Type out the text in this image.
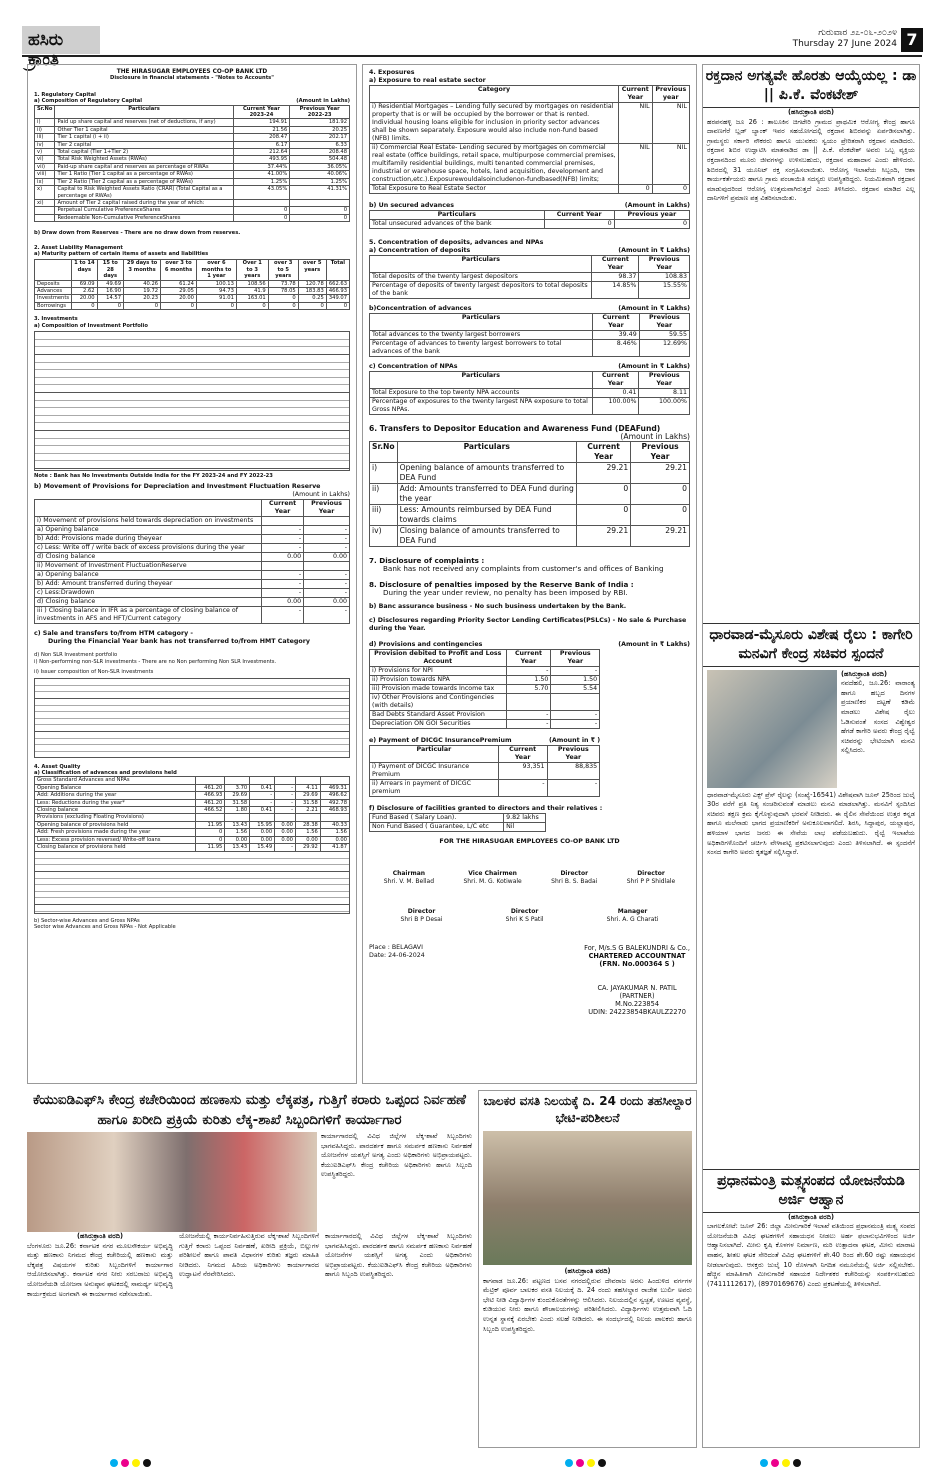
ಹಸಿರು ಕ್ರಾಂತಿ
ಗುರುವಾರ ೨೭-೦೬-೨೦೨೪
Thursday 27 June 2024 7
THE HIRASUGAR EMPLOYEES CO-OP BANK LTD
Disclosure in financial statements - "Notes to Accounts"
1. Regulatory Capital
a) Composition of Regulatory Capital	(Amount in Lakhs)
Sr.No	Particulars	Current Year 2023-24	Previous Year 2022-23
i)	Paid up share capital and reserves (net of deductions, if any)	194.91	181.92
ii)	Other Tier 1 capital	21.56	20.25
iii)	Tier 1 capital (i + ii)	208.47	202.17
iv)	Tier 2 capital	6.17	6.33
v)	Total capital (Tier 1+Tier 2)	212.64	208.48
vi)	Total Risk Weighted Assets (RWAs)	493.95	504.48
vii)	Paid-up share capital and reserves as percentage of RWAs	37.44%	36.05%
viii)	Tier 1 Ratio (Tier 1 capital as a percentage of RWAs)	41.00%	40.06%
ix)	Tier 2 Ratio (Tier 2 capital as a percentage of RWAs)	1.25%	1.25%
x)	Capital to Risk Weighted Assets Ratio (CRAR) (Total Capital as a percentage of RWAs)	43.05%	41.31%
xi)	Amount of Tier 2 capital raised during the year of which:		
	Perpetual Cumulative PreferenceShares	0	0
	Redeemable Non-Cumulative PreferenceShares	0	0
b) Draw down from Reserves - There are no draw down from reserves.
2. Asset Liability Management
a) Maturity pattern of certain items of assets and liabilities
	1 to 14 days	15 to 28 days	29 days to 3 months	over 3 to 6 months	over 6 months to 1 year	Over 1 to 3 years	over 3 to 5 years	over 5 years	Total
Deposits	69.09	49.69	40.26	61.24	100.13	108.56	73.78	120.78	662.63
Advances	2.62	16.90	19.72	29.05	94.73	41.9	78.05	183.83	466.93
Investments	20.00	14.57	20.23	20.00	91.01	163.01	0	0.25	349.07
Borrowings	0	0	0	0	0	0	0	0	0
3. Investments
a) Composition of Investment Portfolio
Note : Bank has No Investments Outside India for the FY 2023-24 and FY 2022-23
b) Movement of Provisions for Depreciation and Investment Fluctuation Reserve
(Amount in Lakhs)
	Current Year	Previous Year
i) Movement of provisions held towards depreciation on investments		
a) Opening balance	-	-
b) Add: Provisions made during theyear	-	-
c) Less: Write off / write back of excess provisions during the year	-	-
d) Closing balance	0.00	0.00
ii) Movement of Investment FluctuationReserve		
a) Opening balance	-	-
b) Add: Amount transferred during theyear	-	-
c) Less:Drawdown	-	-
d) Closing balance	0.00	0.00
iii ) Closing balance in IFR as a percentage of closing balance of investments in AFS and HFT/Current category	-	-
c) Sale and transfers to/from HTM category -
During the Financial Year bank has not transferred to/from HMT Category
d) Non SLR Investment portfolio
i) Non-performing non-SLR investments - There are no Non performing Non SLR Investments.
ii) Issuer composition of Non-SLR investments
4. Asset Quality
a) Classification of advances and provisions held
Gross Standard Advances and NPAs						
Opening Balance	461.20	3.70	0.41	-	4.11	469.31
Add: Additions during the year	466.93	29.69	-	-	29.69	496.62
Less: Reductions during the year*	461.20	31.58	-	-	31.58	492.78
Closing balance	466.52	1.80	0.41	-	2.21	468.93
Provisions (excluding Floating Provisions)						
Opening balance of provisions held	11.95	13.43	15.95	0.00	28.38	40.33
Add: Fresh provisions made during the year	0	1.56	0.00	0.00	1.56	1.56
Less: Excess provision reversed/ Write-off loans	0	0.00	0.00	0.00	0.00	0.00
Closing balance of provisions held	11.95	13.43	15.49	-	29.92	41.87
b) Sector-wise Advances and Gross NPAs
Sector wise Advances and Gross NPAs - Not Applicable
4. Exposures
a) Exposure to real estate sector
Category	Current Year	Previous year
i) Residential Mortgages – Lending fully secured by mortgages on residential property that is or will be occupied by the borrower or that is rented. Individual housing loans eligible for inclusion in priority sector advances shall be shown separately. Exposure would also include non-fund based (NFB) limits.	NIL	NIL
ii) Commercial Real Estate- Lending secured by mortgages on commercial real estate (office buildings, retail space, multipurpose commercial premises, multifamily residential buildings, multi tenanted commercial premises, industrial or warehouse space, hotels, land acquisition, development and construction,etc.).Exposurewouldalsoincludenon-fundbased(NFB) limits;	NIL	NIL
Total Exposure to Real Estate Sector	0	0
b) Un secured advances	(Amount in Lakhs)
Particulars	Current Year	Previous year
Total unsecured advances of the bank	0	0
5. Concentration of deposits, advances and NPAs
a) Concentration of deposits	(Amount in ₹ Lakhs)
Particulars	Current Year	Previous Year
Total deposits of the twenty largest depositors	98.37	108.83
Percentage of deposits of twenty largest depositors to total deposits of the bank	14.85%	15.55%
b)Concentration of advances	(Amount in ₹ Lakhs)
Particulars	Current Year	Previous Year
Total advances to the twenty largest borrowers	39.49	59.55
Percentage of advances to twenty largest borrowers to total advances of the bank	8.46%	12.69%
c) Concentration of NPAs	(Amount in ₹ Lakhs)
Particulars	Current Year	Previous Year
Total Exposure to the top twenty NPA accounts	0.41	8.11
Percentage of exposures to the twenty largest NPA exposure to total Gross NPAs.	100.00%	100.00%
6. Transfers to Depositor Education and Awareness Fund (DEAFund)
(Amount in Lakhs)
Sr.No	Particulars	Current Year	Previous Year
i)	Opening balance of amounts transferred to DEA Fund	29.21	29.21
ii)	Add: Amounts transferred to DEA Fund during the year	0	0
iii)	Less: Amounts reimbursed by DEA Fund towards claims	0	0
iv)	Closing balance of amounts transferred to DEA Fund	29.21	29.21
7. Disclosure of complaints :
Bank has not received any complaints from customer's and offices of Banking
8. Disclosure of penalties imposed by the Reserve Bank of India :
During the year under review, no penalty has been imposed by RBI.
b) Banc assurance business - No such business undertaken by the Bank.
c) Disclosures regarding Priority Sector Lending Certificates(PSLCs) - No sale & Purchase during the Year.
d) Provisions and contingencies	(Amount in ₹ Lakhs)
Provision debited to Profit and Loss Account	Current Year	Previous Year
i) Provisions for NPI	-	-
ii) Provision towards NPA	1.50	1.50
iii) Provision made towards Income tax	5.70	5.54
iv) Other Provisions and Contingencies (with details)		
Bad Debts Standard Asset Provision	-	-
Depreciation ON GOI Securities	-	-
e) Payment of DICGC InsurancePremium	(Amount in ₹ )
Particular	Current Year	Previous Year
i) Payment of DICGC Insurance Premium	93,351	88,835
ii) Arrears in payment of DICGC premium	-	-
f) Disclosure of facilities granted to directors and their relatives :
Fund Based ( Salary Loan).	9.82 lakhs
Non Fund Based ( Guarantee, L/C etc	Nil
FOR THE HIRASUGAR EMPLOYEES CO-OP BANK LTD
Chairman
Shri. V. M. Bellad
Vice Chairmen
Shri. M. G. Kotiwale
Director
Shri B. S. Badai
Director
Shri P P Shidlale
Director
Shri B P Desai
Director
Shri K S Patil
Manager
Shri. A. G Charati
Place : BELAGAVI
Date: 24-06-2024
For, M/s.S G BALEKUNDRI & Co.,
CHARTERED ACCOUNTNAT
(FRN. No.000364 S )
CA. JAYAKUMAR N. PATIL
(PARTNER)
M.No.223854
UDIN: 24223854BKAULZ2270
ರಕ್ತದಾನ ಅಗತ್ಯವೇ ಹೊರತು ಆಯ್ಕೆಯಲ್ಲ : ಡಾ || ಪಿ.ಕೆ. ವೆಂಕಟೇಶ್
(ಹಸಿರುಕ್ರಾಂತಿ ವರದಿ)
ಹರಪನಹಳ್ಳಿ ಜೂ 26 : ತಾಲೂಕಿನ ಚಿಗಟೇರಿ ಗ್ರಾಮದ ಪ್ರಾಥಮಿಕ ಆರೋಗ್ಯ ಕೇಂದ್ರ ಹಾಗೂ ದಾವಣಗೆರೆ ಬ್ಲಡ್ ಬ್ಯಾಂಕ್ ಇವರ ಸಹಯೋಗದಲ್ಲಿ ರಕ್ತದಾನ ಶಿಬಿರವನ್ನು ಏರ್ಪಡಿಸಲಾಗಿತ್ತು. ಗ್ರಾಮಸ್ಥರು ಸರ್ಕಾರಿ ನೌಕರರು ಹಾಗೂ ಯುವಕರು ಸ್ವಯಂ ಪ್ರೇರಿತರಾಗಿ ರಕ್ತದಾನ ಮಾಡಿದರು. ರಕ್ತದಾನ ಶಿಬಿರ ಉದ್ಘಾಟಿಸಿ ಮಾತನಾಡಿದ ಡಾ || ಪಿ.ಕೆ. ವೆಂಕಟೇಶ್ ಅವರು ಒಬ್ಬ ವ್ಯಕ್ತಿಯ ರಕ್ತದಾನದಿಂದ ಮೂರು ಜೀವಗಳನ್ನು ಉಳಿಸಬಹುದು, ರಕ್ತದಾನ ಮಹಾದಾನ ಎಂದು ಹೇಳಿದರು. ಶಿಬಿರದಲ್ಲಿ 31 ಯೂನಿಟ್ ರಕ್ತ ಸಂಗ್ರಹಿಸಲಾಯಿತು. ಆರೋಗ್ಯ ಇಲಾಖೆಯ ಸಿಬ್ಬಂದಿ, ಆಶಾ ಕಾರ್ಯಕರ್ತೆಯರು ಹಾಗೂ ಗ್ರಾಮ ಪಂಚಾಯಿತಿ ಸದಸ್ಯರು ಉಪಸ್ಥಿತರಿದ್ದರು. ನಿಯಮಿತವಾಗಿ ರಕ್ತದಾನ ಮಾಡುವುದರಿಂದ ಆರೋಗ್ಯ ಉತ್ತಮವಾಗಿರುತ್ತದೆ ಎಂದು ತಿಳಿಸಿದರು. ರಕ್ತದಾನ ಮಾಡಿದ ಎಲ್ಲ ದಾನಿಗಳಿಗೆ ಪ್ರಮಾಣ ಪತ್ರ ವಿತರಿಸಲಾಯಿತು.
ಧಾರವಾಡ-ಮೈಸೂರು ವಿಶೇಷ ರೈಲು : ಕಾಗೇರಿ ಮನವಿಗೆ ಕೇಂದ್ರ ಸಚಿವರ ಸ್ಪಂದನೆ
(ಹಸಿರುಕ್ರಾಂತಿ ವರದಿ)
ನವದೆಹಲಿ, ಜೂ.26: ವಾರಾಂತ್ಯ ಹಾಗೂ ಹಬ್ಬದ ದಿನಗಳ ಪ್ರಯಾಣಿಕರ ದಟ್ಟಣೆ ಕಡಿಮೆ ಮಾಡಲು ವಿಶೇಷ ರೈಲು ಓಡಿಸುವಂತೆ ಸಂಸದ ವಿಶ್ವೇಶ್ವರ ಹೆಗಡೆ ಕಾಗೇರಿ ಅವರು ಕೇಂದ್ರ ರೈಲ್ವೆ ಸಚಿವರನ್ನು ಭೇಟಿಯಾಗಿ ಮನವಿ ಸಲ್ಲಿಸಿದರು.
ಧಾರವಾಡ-ಮೈಸೂರು ಎಕ್ಸ್ ಪ್ರೆಸ್ ರೈಲನ್ನು (ಸಂಖ್ಯೆ-16541) ವಿಶೇಷವಾಗಿ ಜೂನ್ 25ರಿಂದ ಜುಲೈ 30ರ ವರೆಗೆ ಪ್ರತಿ ನಿತ್ಯ ಸಂಚರಿಸುವಂತೆ ಮಾಡಲು ಮನವಿ ಮಾಡಲಾಗಿತ್ತು. ಮನವಿಗೆ ಸ್ಪಂದಿಸಿದ ಸಚಿವರು ತಕ್ಷಣ ಕ್ರಮ ಕೈಗೊಳ್ಳುವುದಾಗಿ ಭರವಸೆ ನೀಡಿದರು. ಈ ರೈಲಿನ ಸೇವೆಯಿಂದ ಉತ್ತರ ಕನ್ನಡ ಹಾಗೂ ಮಲೆನಾಡು ಭಾಗದ ಪ್ರಯಾಣಿಕರಿಗೆ ಅನುಕೂಲವಾಗಲಿದೆ. ಶಿರಸಿ, ಸಿದ್ದಾಪುರ, ಯಲ್ಲಾಪುರ, ಹಳಿಯಾಳ ಭಾಗದ ಜನರು ಈ ಸೇವೆಯ ಲಾಭ ಪಡೆಯಬಹುದು. ರೈಲ್ವೆ ಇಲಾಖೆಯ ಅಧಿಕಾರಿಗಳೊಂದಿಗೆ ಚರ್ಚಿಸಿ ವೇಳಾಪಟ್ಟಿ ಪ್ರಕಟಿಸಲಾಗುವುದು ಎಂದು ತಿಳಿಸಲಾಗಿದೆ. ಈ ಸ್ಪಂದನೆಗೆ ಸಂಸದ ಕಾಗೇರಿ ಅವರು ಕೃತಜ್ಞತೆ ಸಲ್ಲಿಸಿದ್ದಾರೆ.
ಪ್ರಧಾನಮಂತ್ರಿ ಮತ್ಸ್ಯಸಂಪದ ಯೋಜನೆಯಡಿ ಅರ್ಜಿ ಆಹ್ವಾನ
(ಹಸಿರುಕ್ರಾಂತಿ ವರದಿ)
ಬಾಗಲಕೋಟೆ: ಜೂನ್ 26: ಜಿಲ್ಲಾ ಮೀನುಗಾರಿಕೆ ಇಲಾಖೆ ವತಿಯಿಂದ ಪ್ರಧಾನಮಂತ್ರಿ ಮತ್ಸ್ಯ ಸಂಪದ ಯೋಜನೆಯಡಿ ವಿವಿಧ ಘಟಕಗಳಿಗೆ ಸಹಾಯಧನ ನೀಡಲು ಅರ್ಹ ಫಲಾನುಭವಿಗಳಿಂದ ಅರ್ಜಿ ಆಹ್ವಾನಿಸಲಾಗಿದೆ. ಮೀನು ಕೃಷಿ ಕೊಳಗಳ ನಿರ್ಮಾಣ, ಮರಿ ಉತ್ಪಾದನಾ ಘಟಕ, ಮೀನು ಮಾರಾಟ ವಾಹನ, ಶೀತಲ ಘಟಕ ಸೇರಿದಂತೆ ವಿವಿಧ ಘಟಕಗಳಿಗೆ ಶೇ.40 ರಿಂದ ಶೇ.60 ರಷ್ಟು ಸಹಾಯಧನ ನೀಡಲಾಗುವುದು. ಆಸಕ್ತರು ಜುಲೈ 10 ರೊಳಗಾಗಿ ನಿಗದಿತ ನಮೂನೆಯಲ್ಲಿ ಅರ್ಜಿ ಸಲ್ಲಿಸಬೇಕು. ಹೆಚ್ಚಿನ ಮಾಹಿತಿಗಾಗಿ ಮೀನುಗಾರಿಕೆ ಸಹಾಯಕ ನಿರ್ದೇಶಕರ ಕಚೇರಿಯನ್ನು ಸಂಪರ್ಕಿಸಬಹುದು (7411112617), (8970169676) ಎಂದು ಪ್ರಕಟಣೆಯಲ್ಲಿ ತಿಳಿಸಲಾಗಿದೆ.
ಕೆಯುಐಡಿಎಫ್‌ಸಿ ಕೇಂದ್ರ ಕಚೇರಿಯಿಂದ ಹಣಕಾಸು ಮತ್ತು ಲೆಕ್ಕಪತ್ರ, ಗುತ್ತಿಗೆ ಕರಾರು ಒಪ್ಪಂದ ನಿರ್ವಹಣೆ ಹಾಗೂ ಖರೀದಿ ಪ್ರಕ್ರಿಯೆ ಕುರಿತು ಲೆಕ್ಕ-ಶಾಖೆ ಸಿಬ್ಬಂದಿಗಳಿಗೆ ಕಾರ್ಯಾಗಾರ
ಕಾರ್ಯಾಗಾರದಲ್ಲಿ ವಿವಿಧ ಜಿಲ್ಲೆಗಳ ಲೆಕ್ಕ-ಶಾಖೆ ಸಿಬ್ಬಂದಿಗಳು ಭಾಗವಹಿಸಿದ್ದರು. ಪಾರದರ್ಶಕ ಹಾಗೂ ಸಮರ್ಪಕ ಹಣಕಾಸು ನಿರ್ವಹಣೆ ಯೋಜನೆಗಳ ಯಶಸ್ಸಿಗೆ ಅಗತ್ಯ ಎಂದು ಅಧಿಕಾರಿಗಳು ಅಭಿಪ್ರಾಯಪಟ್ಟರು. ಕೆಯುಐಡಿಎಫ್‌ಸಿ ಕೇಂದ್ರ ಕಚೇರಿಯ ಅಧಿಕಾರಿಗಳು ಹಾಗೂ ಸಿಬ್ಬಂದಿ ಉಪಸ್ಥಿತರಿದ್ದರು.
(ಹಸಿರುಕ್ರಾಂತಿ ವರದಿ)
ಬೆಂಗಳೂರು ಜೂ.26: ಕರ್ನಾಟಕ ನಗರ ಮೂಲಸೌಕರ್ಯ ಅಭಿವೃದ್ಧಿ ಮತ್ತು ಹಣಕಾಸು ನಿಗಮದ ಕೇಂದ್ರ ಕಚೇರಿಯಲ್ಲಿ ಹಣಕಾಸು ಮತ್ತು ಲೆಕ್ಕಪತ್ರ ವಿಷಯಗಳ ಕುರಿತು ಸಿಬ್ಬಂದಿಗಳಿಗೆ ಕಾರ್ಯಾಗಾರ ಆಯೋಜಿಸಲಾಗಿತ್ತು. ಕರ್ನಾಟಕ ನಗರ ನೀರು ಸರಬರಾಜು ಅಭಿವೃದ್ಧಿ ಯೋಜನೆಯಡಿ ಯೋಜನಾ ಅನುಷ್ಠಾನ ಘಟಕದಲ್ಲಿ ಸಾಮರ್ಥ್ಯ ಅಭಿವೃದ್ಧಿ ಕಾರ್ಯಕ್ರಮದ ಅಂಗವಾಗಿ ಈ ಕಾರ್ಯಾಗಾರ ನಡೆಸಲಾಯಿತು.
ಯೋಜನೆಯಲ್ಲಿ ಕಾರ್ಯನಿರ್ವಹಿಸುತ್ತಿರುವ ಲೆಕ್ಕ-ಶಾಖೆ ಸಿಬ್ಬಂದಿಗಳಿಗೆ ಗುತ್ತಿಗೆ ಕರಾರು ಒಪ್ಪಂದ ನಿರ್ವಹಣೆ, ಖರೀದಿ ಪ್ರಕ್ರಿಯೆ, ಬಿಲ್ಲುಗಳ ಪರಿಶೀಲನೆ ಹಾಗೂ ಪಾವತಿ ವಿಧಾನಗಳ ಕುರಿತು ತಜ್ಞರು ಮಾಹಿತಿ ನೀಡಿದರು. ನಿಗಮದ ಹಿರಿಯ ಅಧಿಕಾರಿಗಳು ಕಾರ್ಯಾಗಾರದ ಉದ್ಘಾಟನೆ ನೆರವೇರಿಸಿದರು.
ಕಾರ್ಯಾಗಾರದಲ್ಲಿ ವಿವಿಧ ಜಿಲ್ಲೆಗಳ ಲೆಕ್ಕ-ಶಾಖೆ ಸಿಬ್ಬಂದಿಗಳು ಭಾಗವಹಿಸಿದ್ದರು. ಪಾರದರ್ಶಕ ಹಾಗೂ ಸಮರ್ಪಕ ಹಣಕಾಸು ನಿರ್ವಹಣೆ ಯೋಜನೆಗಳ ಯಶಸ್ಸಿಗೆ ಅಗತ್ಯ ಎಂದು ಅಧಿಕಾರಿಗಳು ಅಭಿಪ್ರಾಯಪಟ್ಟರು. ಕೆಯುಐಡಿಎಫ್‌ಸಿ ಕೇಂದ್ರ ಕಚೇರಿಯ ಅಧಿಕಾರಿಗಳು ಹಾಗೂ ಸಿಬ್ಬಂದಿ ಉಪಸ್ಥಿತರಿದ್ದರು.
ಬಾಲಕರ ವಸತಿ ನಿಲಯಕ್ಕೆ ದಿ. 24 ರಂದು ತಹಸೀಲ್ದಾರ ಭೇಟಿ-ಪರಿಶೀಲನೆ
(ಹಸಿರುಕ್ರಾಂತಿ ವರದಿ)
ಕಾಗವಾಡ ಜೂ.26: ಪಟ್ಟಣದ ಬಸವ ನಗರದಲ್ಲಿರುವ ದೇವರಾಜ ಅರಸು ಹಿಂದುಳಿದ ವರ್ಗಗಳ ಮೆಟ್ರಿಕ್ ಪೂರ್ವ ಬಾಲಕರ ವಸತಿ ನಿಲಯಕ್ಕೆ ದಿ. 24 ರಂದು ತಹಸೀಲ್ದಾರ ರಾಜೇಶ ಬುರ್ಲಿ ಅವರು ಭೇಟಿ ನೀಡಿ ವಿದ್ಯಾರ್ಥಿಗಳ ಕುಂದುಕೊರತೆಗಳನ್ನು ಆಲಿಸಿದರು. ನಿಲಯದಲ್ಲಿನ ಸ್ವಚ್ಛತೆ, ಊಟದ ವ್ಯವಸ್ಥೆ, ಕುಡಿಯುವ ನೀರು ಹಾಗೂ ಶೌಚಾಲಯಗಳನ್ನು ಪರಿಶೀಲಿಸಿದರು. ವಿದ್ಯಾರ್ಥಿಗಳು ಉತ್ತಮವಾಗಿ ಓದಿ ಉನ್ನತ ಸ್ಥಾನಕ್ಕೆ ಏರಬೇಕು ಎಂದು ಸಲಹೆ ನೀಡಿದರು. ಈ ಸಂದರ್ಭದಲ್ಲಿ ನಿಲಯ ಪಾಲಕರು ಹಾಗೂ ಸಿಬ್ಬಂದಿ ಉಪಸ್ಥಿತರಿದ್ದರು.
